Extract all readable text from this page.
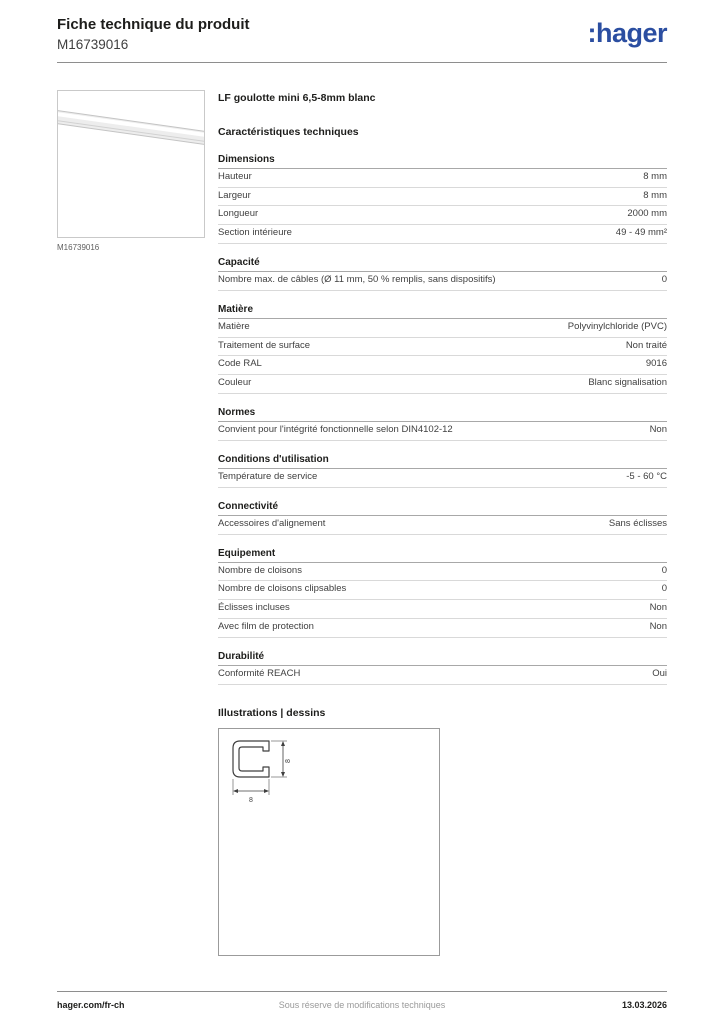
Fiche technique du produit
M16739016	:hager
M16739016
LF goulotte mini 6,5-8mm blanc
Caractéristiques techniques
Dimensions
Hauteur	8 mm
Largeur	8 mm
Longueur	2000 mm
Section intérieure	49 - 49 mm²
Capacité
Nombre max. de câbles (Ø 11 mm, 50 % remplis, sans dispositifs)	0
Matière
Matière	Polyvinylchloride (PVC)
Traitement de surface	Non traité
Code RAL	9016
Couleur	Blanc signalisation
Normes
Convient pour l'intégrité fonctionnelle selon DIN4102-12	Non
Conditions d'utilisation
Température de service	-5 - 60 °C
Connectivité
Accessoires d'alignement	Sans éclisses
Equipement
Nombre de cloisons	0
Nombre de cloisons clipsables	0
Éclisses incluses	Non
Avec film de protection	Non
Durabilité
Conformité REACH	Oui
Illustrations | dessins
8
8
hager.com/fr-ch	Sous réserve de modifications techniques	13.03.2026
